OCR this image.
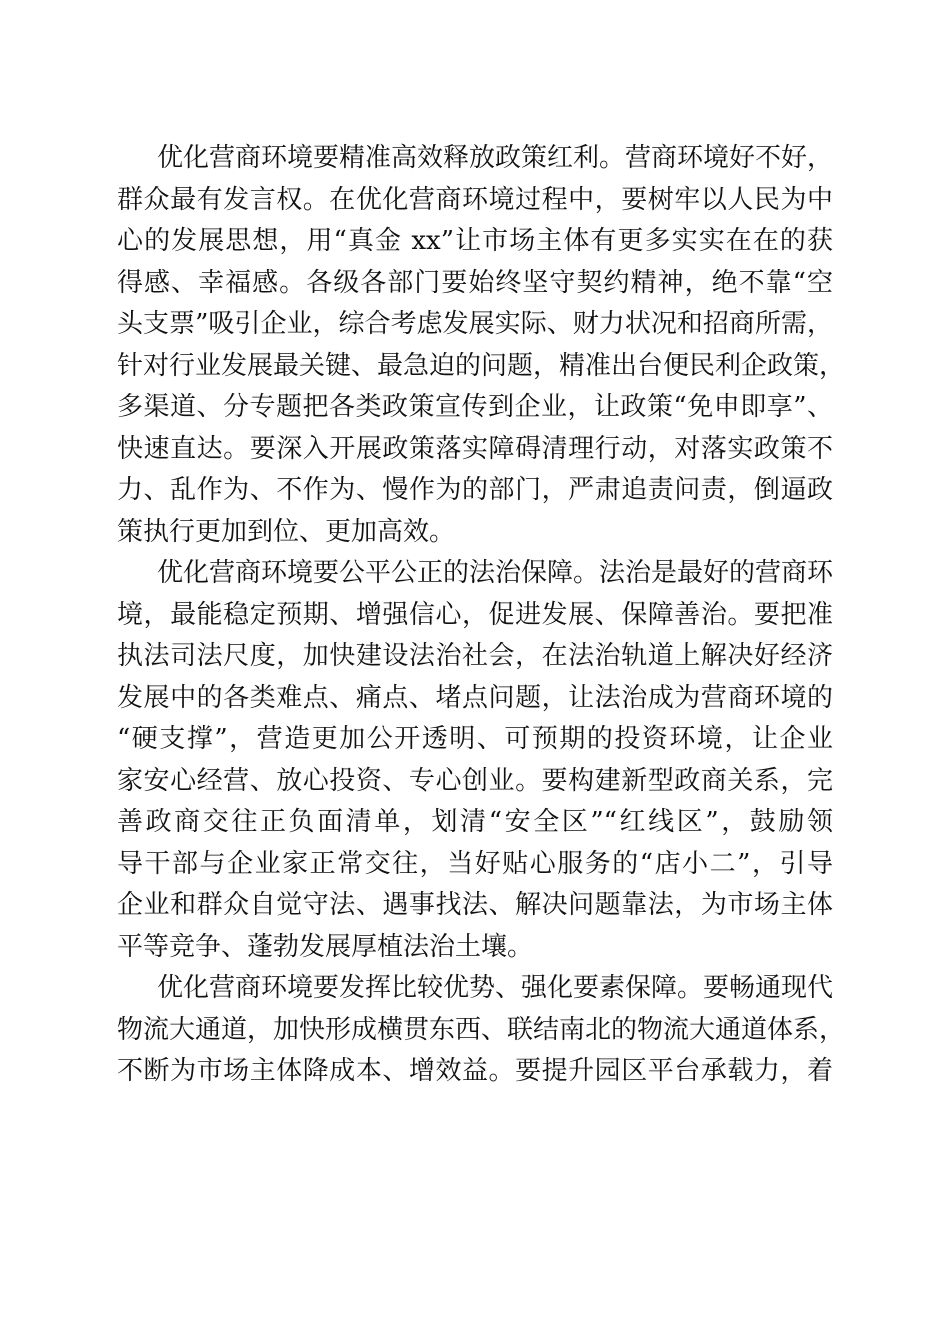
优化营商环境要精准高效释放政策红利。营商环境好不好，
群众最有发言权。在优化营商环境过程中，要树牢以人民为中
心的发展思想，用“真金 xx”让市场主体有更多实实在在的获
得感、幸福感。各级各部门要始终坚守契约精神，绝不靠“空
头支票”吸引企业，综合考虑发展实际、财力状况和招商所需，
针对行业发展最关键、最急迫的问题，精准出台便民利企政策，
多渠道、分专题把各类政策宣传到企业，让政策“免申即享”、
快速直达。要深入开展政策落实障碍清理行动，对落实政策不
力、乱作为、不作为、慢作为的部门，严肃追责问责，倒逼政
策执行更加到位、更加高效。

优化营商环境要公平公正的法治保障。法治是最好的营商环
境，最能稳定预期、增强信心，促进发展、保障善治。要把准
执法司法尺度，加快建设法治社会，在法治轨道上解决好经济
发展中的各类难点、痛点、堵点问题，让法治成为营商环境的
“硬支撑”，营造更加公开透明、可预期的投资环境，让企业
家安心经营、放心投资、专心创业。要构建新型政商关系，完
善政商交往正负面清单，划清“安全区”“红线区”，鼓励领
导干部与企业家正常交往，当好贴心服务的“店小二”，引导
企业和群众自觉守法、遇事找法、解决问题靠法，为市场主体
平等竞争、蓬勃发展厚植法治土壤。

优化营商环境要发挥比较优势、强化要素保障。要畅通现代
物流大通道，加快形成横贯东西、联结南北的物流大通道体系，
不断为市场主体降成本、增效益。要提升园区平台承载力，着
